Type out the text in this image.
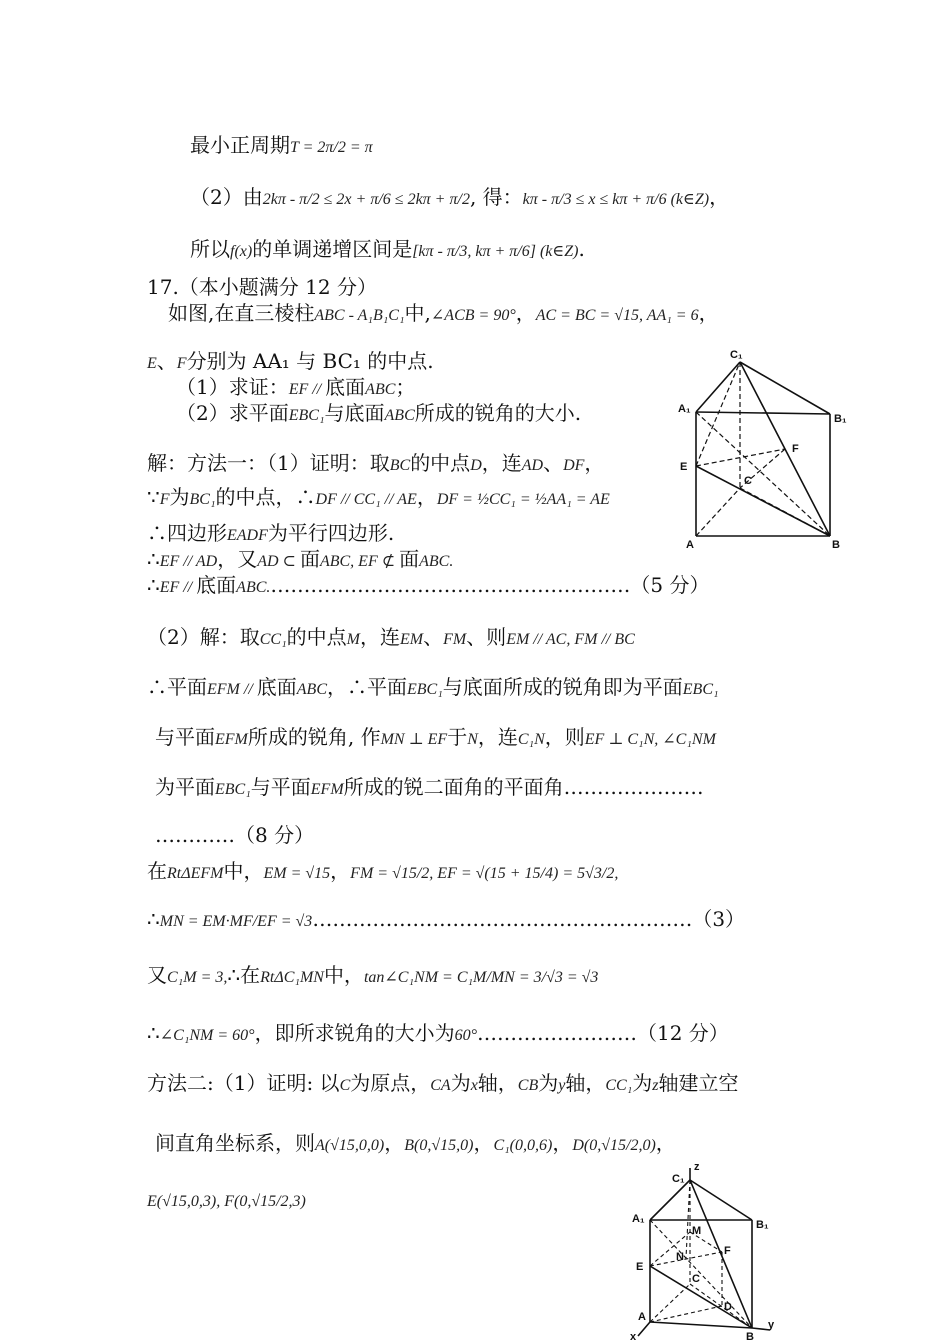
最小正周期T = 2π/2 = π
（2）由2kπ - π/2 ≤ 2x + π/6 ≤ 2kπ + π/2, 得：kπ - π/3 ≤ x ≤ kπ + π/6 (k∈Z)，
所以f(x)的单调递增区间是[kπ - π/3, kπ + π/6] (k∈Z).
17.（本小题满分 12 分）
如图,在直三棱柱ABC - A₁B₁C₁中,∠ACB = 90°，AC = BC = √15, AA₁ = 6，
E、F分别为 AA₁ 与 BC₁ 的中点.
（1）求证：EF // 底面ABC；
（2）求平面EBC₁与底面ABC所成的锐角的大小.
解：方法一：（1）证明：取BC的中点D，连AD、DF，
∵F为BC₁的中点，∴DF // CC₁ // AE，DF = ½CC₁ = ½AA₁ = AE
∴四边形EADF为平行四边形.
∴EF // AD，又AD ⊂ 面ABC, EF ⊄ 面ABC.
∴EF // 底面ABC.………………………………………………（5 分）
（2）解：取CC₁的中点M，连EM、FM、则EM // AC, FM // BC
∴平面EFM // 底面ABC，∴平面EBC₁与底面所成的锐角即为平面EBC₁
与平面EFM所成的锐角, 作MN ⊥ EF于N，连C₁N，则EF ⊥ C₁N, ∠C₁NM
为平面EBC₁与平面EFM所成的锐二面角的平面角…………………
…………（8 分）
在RtΔEFM中，EM = √15，FM = √15/2, EF = √(15 + 15/4) = 5√3/2,
∴MN = EM·MF/EF = √3…………………………………………………（3）
又C₁M = 3,∴在RtΔC₁MN中，tan∠C₁NM = C₁M/MN = 3/√3 = √3
∴∠C₁NM = 60°，即所求锐角的大小为60°……………………（12 分）
方法二:（1）证明: 以C为原点，CA为x轴，CB为y轴，CC₁为z轴建立空
间直角坐标系，则A(√15,0,0)，B(0,√15,0)，C₁(0,0,6)，D(0,√15/2,0)，
E(√15,0,3), F(0,√15/2,3)
C₁
A₁
B₁
E
F
C
A	B
z
C₁
A₁	B₁
M
E
F
N
C
D
A
B
x
y
